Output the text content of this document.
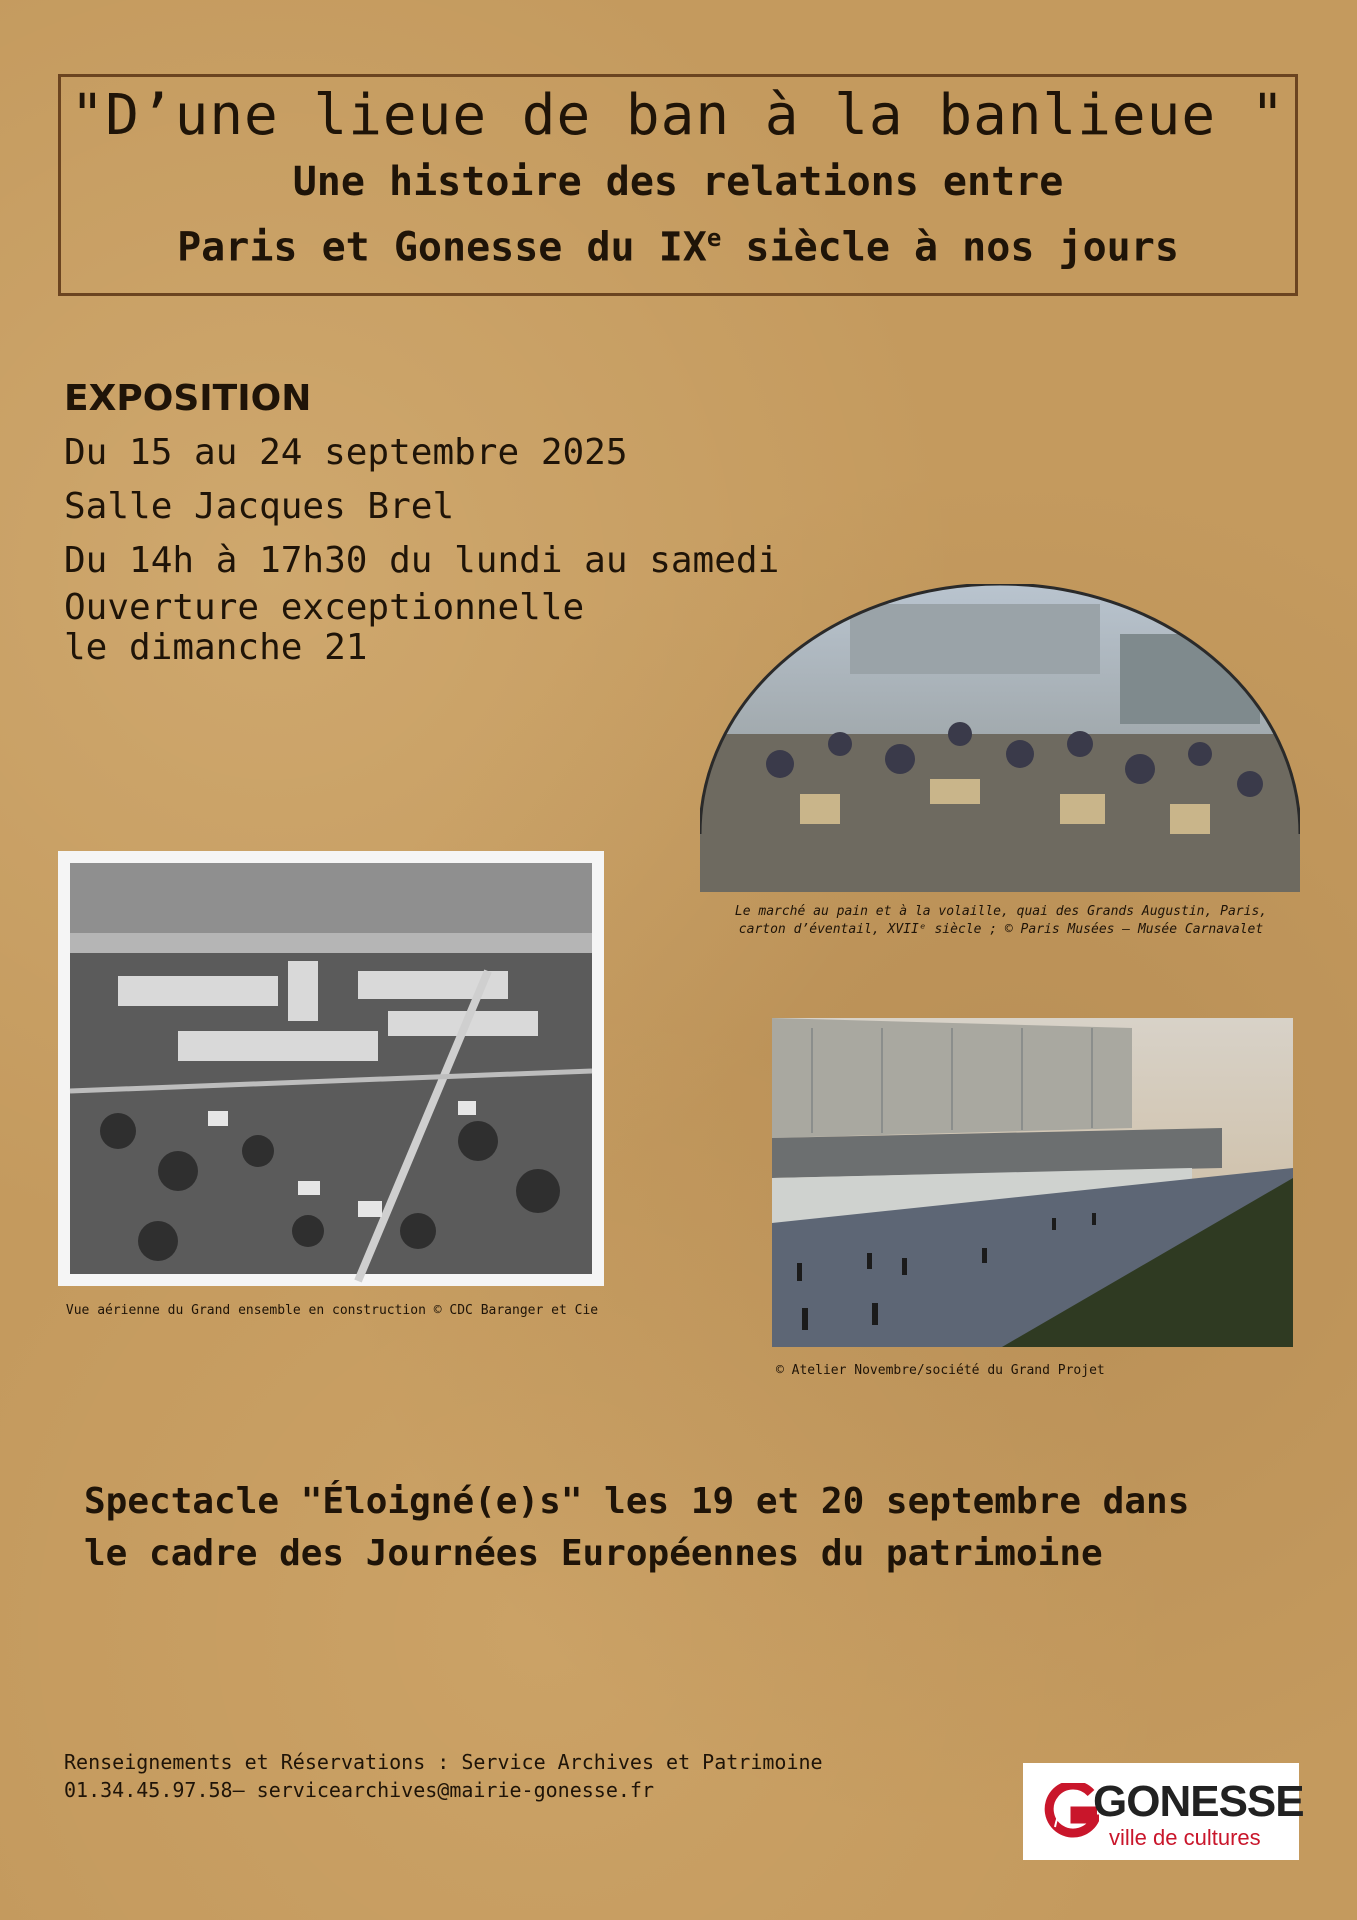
"D’une lieue de ban à la banlieue "
Une histoire des relations entre
Paris et Gonesse du IXe siècle à nos jours
EXPOSITION
Du 15 au 24 septembre 2025
Salle Jacques Brel
Du 14h à 17h30 du lundi au samedi
Ouverture exceptionnelle
le dimanche 21
Le marché au pain et à la volaille, quai des Grands Augustin, Paris, carton d’éventail, XVIIᵉ siècle ; © Paris Musées – Musée Carnavalet
Vue aérienne du Grand ensemble en construction © CDC Baranger et Cie
© Atelier Novembre/société du Grand Projet
Spectacle "Éloigné(e)s" les 19 et 20 septembre dans
le cadre des Journées Européennes du patrimoine
Renseignements et Réservations : Service Archives et Patrimoine
01.34.45.97.58– servicearchives@mairie-gonesse.fr	GONESSE
ville de cultures
